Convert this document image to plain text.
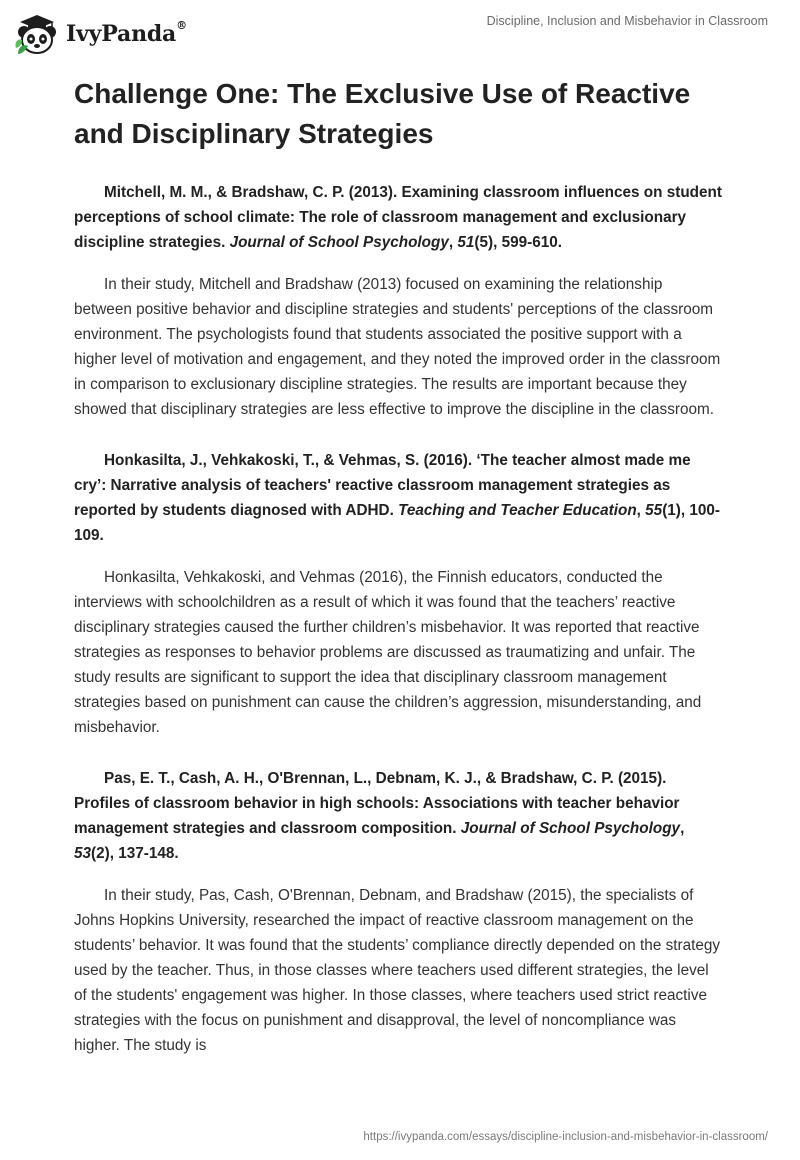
IvyPanda®	Discipline, Inclusion and Misbehavior in Classroom
Challenge One: The Exclusive Use of Reactive and Disciplinary Strategies

Mitchell, M. M., & Bradshaw, C. P. (2013). Examining classroom influences on student perceptions of school climate: The role of classroom management and exclusionary discipline strategies. Journal of School Psychology, 51(5), 599-610.

In their study, Mitchell and Bradshaw (2013) focused on examining the relationship between positive behavior and discipline strategies and students' perceptions of the classroom environment. The psychologists found that students associated the positive support with a higher level of motivation and engagement, and they noted the improved order in the classroom in comparison to exclusionary discipline strategies. The results are important because they showed that disciplinary strategies are less effective to improve the discipline in the classroom.

Honkasilta, J., Vehkakoski, T., & Vehmas, S. (2016). ‘The teacher almost made me cry’: Narrative analysis of teachers' reactive classroom management strategies as reported by students diagnosed with ADHD. Teaching and Teacher Education, 55(1), 100-109.

Honkasilta, Vehkakoski, and Vehmas (2016), the Finnish educators, conducted the interviews with schoolchildren as a result of which it was found that the teachers’ reactive disciplinary strategies caused the further children’s misbehavior. It was reported that reactive strategies as responses to behavior problems are discussed as traumatizing and unfair. The study results are significant to support the idea that disciplinary classroom management strategies based on punishment can cause the children’s aggression, misunderstanding, and misbehavior.

Pas, E. T., Cash, A. H., O'Brennan, L., Debnam, K. J., & Bradshaw, C. P. (2015). Profiles of classroom behavior in high schools: Associations with teacher behavior management strategies and classroom composition. Journal of School Psychology, 53(2), 137-148.

In their study, Pas, Cash, O'Brennan, Debnam, and Bradshaw (2015), the specialists of Johns Hopkins University, researched the impact of reactive classroom management on the students’ behavior. It was found that the students’ compliance directly depended on the strategy used by the teacher. Thus, in those classes where teachers used different strategies, the level of the students' engagement was higher. In those classes, where teachers used strict reactive strategies with the focus on punishment and disapproval, the level of noncompliance was higher. The study is

https://ivypanda.com/essays/discipline-inclusion-and-misbehavior-in-classroom/
